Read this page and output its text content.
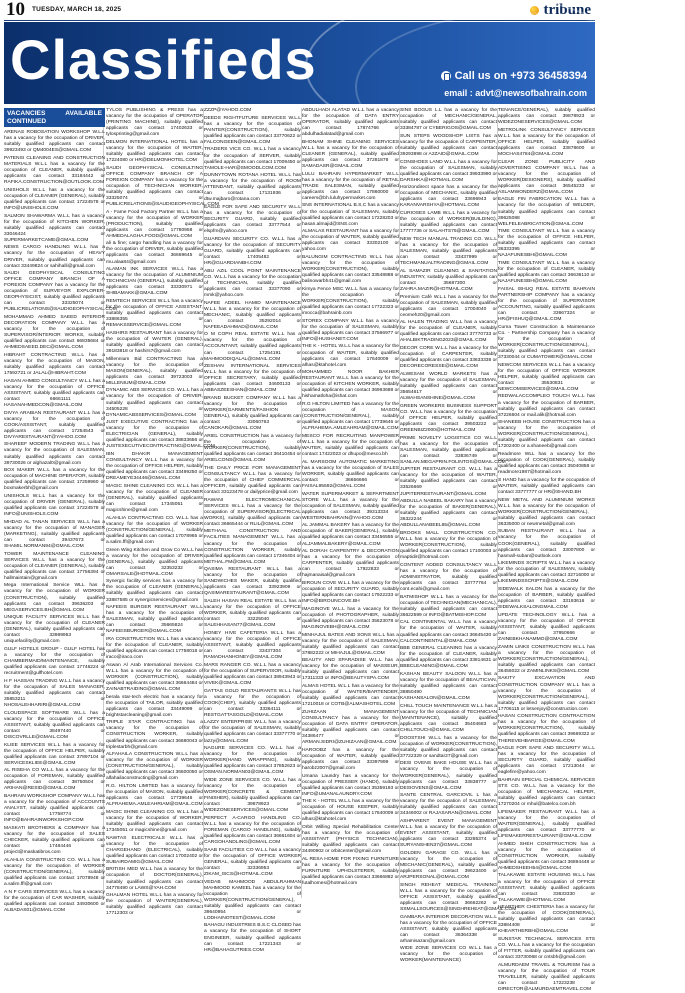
10 TUESDAY, MARCH 18, 2025	tribune
Classifieds	Call us on +973 36458394
email : advt@newsofbahrain.com
VACANCIES AVAILABLE CONTINUED

ARENAS ROBOSATION WORKSHOP W.L.L has a vacancy for the occupation of DRIVER, suitably qualified applicants can contact 39923493 or QM4004ES@GMAIL.COM

PATENSI CLEANING AND CONSTRUCTION MATERIALS W.L.L has a vacancy for the occupation of CLEANER, suitably qualified applicants can contact 33184442 or RAFIKA.CONSTRUCTION@OUTLOOK.COM

UNISHOLS W.L.L has a vacancy for the occupation of CLEANER (GENERAL), suitably qualified applicants can contact 17224578 or INFO@UNISHOLS.COM

SALMON SHAWARMA W.L.L has a vacancy for the occupation of KITCHEN WORKER, suitably qualified applicants can contact 33046424 or SUPERMARKETCAME@GMAIL.COM

NEWS CARGO HANDLING W.L.L has a vacancy for the occupation of HEAVY DRIVER, suitably qualified applicants can contact 33449824 or sahihalli@gmail.com

SAUDI GEOPHYSICAL CONSULTING OFFICE COMPANY BRANCH OF A FOREIGN COMPANY has a vacancy for the occupation of SURVEYOR EXPLORER-GEOPHYSICIST, suitably qualified applicants can contact 33325074 or PUBLICRELATIONS@SAUDIGEOPHYSICAL.COM

MOHAMMAD AHMED SAEED INTERIOR DECORATION COMPANY W.L.L has a vacancy for the occupation of SUPERVISOR/INTERIOR WORKS, suitably qualified applicants can contact 66835684 or AHMEDSAEED.DEC@GMAIL.COM

HIBRAHT CONTRACTING W.L.L has a vacancy for the occupation of MASON, suitably qualified applicants can contact 17592721 or JALAL@HIBRAHT.COM

HASAN AHMED CONSULTANCY W.L.L has a vacancy for the occupation of OFFICE ASSISTANT, suitably qualified applicants can contact 66661111 or HASANAHMEDCON@GMAIL.COM

DIVYA ARABIAN RESTAURANT W.L.L has a vacancy for the occupation of COOK/ASSISTANT, suitably qualified applicants can contact 17254543 or DIVYARESTAURANT@YAHOO.COM

SHAREEF MODERN TRADING W.L.L has a vacancy for the occupation of SALESMAN, suitably qualified applicants can contact 39730026 or alghazal0@gmail.com

BOX MAKER W.L.L has a vacancy for the occupation of MACHINE OPERATOR, suitably qualified applicants can contact 17259960 or boxmakerbh@gmail.com

UNISHOLS W.L.L has a vacancy for the occupation of DRIVER (GENERAL), suitably qualified applicants can contact 17224578 or INFO@UNISHOLS.COM

MHDAD AL TANAN SERVICES W.L.L has a vacancy for the occupation of MANAGER (MARKETING), suitably qualified applicants can contact 39437673 or SHAMIL.NORMAN94@GMAIL.COM

TOWER MAINTENANCE CLEANING SERVICES W.L.L has a vacancy for the occupation of CLEANER (GENERAL), suitably qualified applicants can contact 17756394 or hallmaintain@gmail.com

Mega International Service WLL has a vacancy for the occupation of WORKER (CONSTRUCTION), suitably qualified applicants can contact 39636203 or MEGASERVICES.BH@GMAIL.COM

UNIQUE FACILITY SERVICES W.L.L has a vacancy for the occupation of CLEANER (GENERAL), suitably qualified applicants can contact 33989953 or uniquefacility@gmail.com

GULF HOTELS GROUP - GULF HOTEL has a vacancy for the occupation of CHAMBERMAID/MAINTENANCE, suitably qualified applicants can contact 17746224 or recruitment@gulfhotel.com

H F HASSAN TRADING W.L.L has a vacancy for the occupation of SALES MANAGER, suitably qualified applicants can contact 35853211 or NHOSALEHHARIRI@GMAIL.COM

CLOUDSPACE SOFTWARE W.L.L has a vacancy for the occupation of OFFICE ASSISTANT, suitably qualified applicants can contact 38497440 or DISCOVRLLE@GMAIL.COM

KLIEE SERVICES W.L.L has a vacancy for the occupation of OFFICE HELPER, suitably qualified applicants can contact 37897104 or SERVICESKLIEE@GMAIL.COM

AL RISEHA CO W.L.L has a vacancy for the occupation of FOREMAN, suitably qualified applicants can contact 38750504 or ARIHAN@RESID@GMAIL.COM

BAHRAIN WORKSHOP COMPANY W.L.L has a vacancy for the occupation of ACCOUNTS ANALYST, suitably qualified applicants can contact 17758774 or INFO@BAHRAINWORKSHOP.COM

MASKATI BROTHERS & COMPANY has a vacancy for the occupation of SALES CHECKER, suitably qualified applicants can contact 17484446 or project@maskatibros.com

ALAHLIA CONSTRUCTING CO. W.L.L has a vacancy for the occupation of WORKER (CONSTRUCTION/GENERAL), suitably qualified applicants can contact 17078948 or a.salim.ffl@gmail.com

A N F CARS SERVICES W.L.L has a vacancy for the occupation of CAR WASHER, suitably qualified applicants can contact 34930600 or ALBADAS01@GMAIL.COM

TYLOS PUBLISHING & PRESS has a vacancy for the occupation of OPERATOR (PRINTING MACHINE), suitably qualified applicants can contact 17402633 or tylosprinting@gmail.com

DELMON INTERNATIONAL HOTEL has a vacancy for the occupation of WAITER, suitably qualified applicants can contact 17224080 or HR@DELMONHOTEL.COM

SAUDI GEOPHYSICAL CONSULTING OFFICE COMPANY BRANCH OF A FOREIGN COMPANY has a vacancy for the occupation of TECHNICIAN WORKER, suitably qualified applicants can contact 33325074 or PUBLICRELATIONS@SAUDIGEOPHYSICAL.COM

A - Fame Food Factory Partner W.L.L has a vacancy for the occupation of WORKER (PRODUCTION), suitably qualified applicants can contact 17780958 or AHMEDALAGHA.FOOD@GMAIL.COM

ali & fine; cargo handling has a vacancy for the occupation of DRIVER, suitably qualified applicants can contact 36669645 or mu.alaa84@gmail.com

ALAMAN INK SERVICES W.L.L has a vacancy for the occupation of ALUMINIUM TECHNICIAN (GENERAL), suitably qualified applicants can contact 33330971 or SHIBAMAKK@GMAIL.COM

REMTECH SERVICES W.L.L has a vacancy for the occupation of OFFICE ASSISTANT, suitably qualified applicants can contact 33886355 or REMAKSSERVICE@GMAIL.COM

HASHIRS RESTAURANT has a vacancy for the occupation of WAITER (GENERAL), suitably qualified applicants can contact 39183818 or hashirs7@gmail.com

Millennium Bid CONTRACTING has a vacancy for the occupation of MASON(GENERAL), suitably qualified applicants can contact 39723003 or MILLENIUM@GMAIL.COM

DYNAMIC ABS SERVICES CO. W.L.L has a vacancy for the occupation of DRIVER, suitably qualified applicants can contact 34505228 or DYNAMICABSSERVICES@GMAIL.COM

JUST EXECUTIVE CONTRACTING has a vacancy for the occupation of ELECTRICIAN (GENERAL), suitably qualified applicants can contact 38833656 or JUSTEXECUTIVECONTRACTING@GMAIL.COM

IBN DHAKIR MANAGEMENT CONSULTANCY W.L.L has a vacancy for the occupation of OFFICE HELPER, suitably qualified applicants can contact 33499250 or DREAMEYE34446@GMAIL.COM

MAGIC SHINE CLEANING CO. W.L.L has a vacancy for the occupation of CLEANER (GENERAL), suitably qualified applicants can contact 17345051 or magicshine@gmail.com

ALAHLIA CONTRACTING CO. W.L.L has a vacancy for the occupation of WORKER (CONSTRUCTION/GENERAL), suitably qualified applicants can contact 17078965 or a.salim.ffl@gmail.com

Green Wing Kitchen and Grow Co W.L.L has a vacancy for the occupation of DRIVER (GENERAL), suitably qualified applicants can contact 32353232 or OMARSALE@HOTMAIL.COM

Synergic facility services has a vacancy for the occupation of CLEANER (GENERAL), suitably qualified applicants can contact 33887585 or synergicservices@gmail.com

NAFEEIS BURGER RESTAURANT W.L.L has a vacancy for the occupation of SALESMAN, suitably qualified applicants can contact 35665824 or NAFEEISBURGER@GMAIL.COM

IRA CONSTRUCTION W.L.L has a vacancy for the occupation of CLEANER, suitably qualified applicants can contact 17758018 or iraco@iraco.com

Aswan Al Arab International Services Co. W.L.L has a vacancy for the occupation of WORKER (CONSTRUCTION), suitably qualified applicants can contact 36664484 or ZAINABTRAIDING@GMAIL.COM

berala star-tech electric has a vacancy for the occupation of TAILOR, suitably qualified applicants can contact 33449099 or brightstarcleaning@gmail.com

TRIPLE STAR CONTRACTING has a vacancy for the occupation of CONSTRUCTION WORKER, suitably qualified applicants can contact 36680043 or triplestarbh@gmail.com

ALFAHAILA CONSTRUCTION W.L.L has a vacancy for the occupation of WORKER (CONSTRUCTION/GENERAL), suitably qualified applicants can contact 36600050 or alfahailaconstructing@gmail.com

R.G. HILTON LIMITED has a vacancy for the occupation of MASON, suitably qualified applicants can contact 17739646 or ALFRAHEMA.AMLEAHRIAM@GMAIL.COM

MAGIC SHINE CLEANING CO. W.L.L has a vacancy for the occupation of WORKER, suitably qualified applicants can contact 17345051 or magicshine@gmail.com

NAWTAS ELECTRICALS W.L.L has a vacancy for the occupation of CHARGEHAND (ELECTRICAL), suitably qualified applicants can contact 17002402 or SUBAIRDAMIG@GMAIL.COM

BRITISH MED W.L.L has a vacancy for the occupation of DOCTOR(GENERAL), suitably qualified applicants can contact 34778490 or LAWS@YAH.COM

GHALMAN HOTEL W.L.L has a vacancy for the occupation of WAITER(GENERAL), suitably qualified applicants can contact 17712303 or

ZZZP@YAHOO.COM

DEEDS RIGHTFUTURE SERVICES W.L.L has a vacancy for the occupation of PAINTER(CONSTRUCTION), suitably qualified applicants can contact 33770622 or FALCONGEEN@GMAIL.COM

TRADERS VICS CO. W.L.L has a vacancy for the occupation of SERVER, suitably qualified applicants can contact 17009450 or TAMOLE-HAR@SMOODLCOM.COM

DUNNYTOWN ROTANA HOTEL W.L.L has a vacancy for the occupation of ROOM ATTENDANT, suitably qualified applicants can contact 17131936 or dtw.majbaro@rotana.com

EAGLE FOR SAFE AND SECURITY W.L.L has a vacancy for the occupation of SECURITY GUARD, suitably qualified applicants can contact 33777544 or elspfm@yahoo.com

GUARDIAN SECURITY CO. W.L.L has a vacancy for the occupation of SECURITY GUARD, suitably qualified applicants can contact 17405482 or HR@GUARDIANBH.COM

ABU AZIL COOL POINT MAINTENANCE CO. W.L.L has a vacancy for the occupation of TECHNICIAN, suitably qualified applicants can contact 33377090 or mmk@yahoo.com

NAFEE ADEEL HAMID MAINTENANCE W.L.L has a vacancy for the occupation of MECHANIC, suitably qualified applicants can contact 35292014 or NAFEEADAHMAD@GMAIL.COM

O M COPH REAL ESTATE W.L.L has a vacancy for the occupation of ACCOUNTANT, suitably qualified applicants can contact 17254191 or MAHMOODIQALAL@GMAIL.COM

ZESHAN INTERNATIONAL SERVICES W.L.L has a vacancy for the occupation of OFFICE SECRETARY, suitably qualified applicants can contact 34600133 or ABBASZEESHAN@GMAIL.COM

BRAND BUCKET COMPANY W.L.L has a vacancy for the occupation of WORKER(GARMENTS/FASHION GENERAL), suitably qualified applicants can contact 33060763 or CANOKAR@GMAIL.COM

ARIEL CONSTRUCTION has a vacancy for the occupation of WORKER(CONSTRUCTION), suitably qualified applicants can contact 36410454 or ARIELCONS@GMAIL.COM

THE DAILY PRICE FOR MANAGEMENT CONSULTANCY W.L.L has a vacancy for the occupation of CHIEF COMMERCIAL OFFICER, suitably qualified applicants can contact 33123478 or dailyprice@gmail.com

RAWANI ELECTROMECHANICAL SERVICES W.L.L has a vacancy for the occupation of SUPERVISOR(ELECTRICAL WORKS), suitably qualified applicants can contact 36665444 or RLIL@GMAIL.COM

METHAAL CONSTRUCTION AND FACILITIES MANAGEMENT W.L.L has a vacancy for the occupation of CONSTRUCTION WORKER, suitably qualified applicants can contact 17346404 or METHAL.FM@GMAIL.COM

QASIMA RESTAURANT W.L.L has a vacancy for the occupation of SANDWICHES MAKER, suitably qualified applicants can contact 33923909 or QASIMARESTAURANT@GMAIL.COM

SALEH HASAN REAL ESTATE W.L.L has a vacancy for the occupation of OFFICE WORKER, suitably qualified applicants can contact 33225040 or SALEHHASAN77@GMAIL.COM

HONEY HIVE CAFETERIA W.L.L has a vacancy for the occupation of OFFICE ASSISTANT, suitably qualified applicants can contact 33437304 or RAMADHANHONEY@GMAIL.COM

MARS RANGER CO. W.L.L has a vacancy for the occupation of SUPERVISOR, suitably qualified applicants can contact 38943943 or VIVEK@GMAIL.COM

GATTAS GOLD RESTAURANTS W.L.L has a vacancy for the occupation of COOK(CHEF), suitably qualified applicants can contact 33364111 or RESTGATTASGOLD@GMAIL.COM

LAZZY ENTERPRISE W.L.L has a vacancy for the occupation of SALESMAN, suitably qualified applicants can contact 33377770 or lazzy@GMAIL.COM

NAGURE SERVICES CO. W.L.L has a vacancy for the occupation of WORKER(HAND WRAPPING), suitably qualified applicants can contact 37852623 or OSMAN.NORMAN03@GMAIL.COM

WIDE ZONE SERVICES CO. W.L.L has a vacancy for the occupation of WORKER(CONCRETE & CEMENT FINISHER), suitably qualified applicants can contact 39878923 or WIDEZONESERVICES@GMAIL.COM

PERFECT A-CARGO HANDLING CO. W.L.L has a vacancy for the occupation of FOREMAN (CARGO HANDLING), suitably qualified applicants can contact 36661604 or CARGOHANDLING@GMAIL.COM

SAAB FACILITIES CO W.L.L has a vacancy for the occupation of OFFICE WORKER GENERAL, suitably qualified applicants can contact 32336953 or ZIKAM_ISCS@HOTMAIL.COM

VEDAB MAHMOOD ABDULRAHMAN MAHMOOD KAMEEL has a vacancy for the occupation of WORKER(CONSTRUCTION/GENERAL), suitably qualified applicants can contact 39640954 or LODHAINOTEST@GMAIL.COM

BAHAGU INDUSTRIES B.S.C CLOSED has a vacancy for the occupation of SHORT ENGINEER, suitably qualified applicants can contact 17221343 or HR@BAHAGUTRIES.COM

ABDULHADI ALATAD W.L.L has a vacancy for the occupation of DATA ENTRY OPERATOR, suitably qualified applicants can contact 17874766 or abdulhadialatad@gmail.com

BHONAM SHINE CLEANING SERVICES W.L.L has a vacancy for the occupation of CLEANER (GENERAL), suitably qualified applicants can contact 37281878 or SAMADASR@GMAIL.COM

LULU BAHRAIN HYPERMARKET W.L.L has a vacancy for the occupation of RETAIL TRADE SALESMAN, suitably qualified applicants can contact 17860000 or careers@bh.luluhypermarket.com

SNS INTERNATIONAL B.S.C has a vacancy for the occupation of SALESMAN, suitably qualified applicants can contact 17228203 or hasan.almajid@SNS.com

ALMALAS RESTAURANT has a vacancy for the occupation of WAITER, suitably qualified applicants can contact 33302100 or yahoo.com

BALUNGIM CONTRACTING W.L.L has a vacancy for the occupation of WORKER(CONSTRUCTION), suitably qualified applicants can contact 33548888 or balinowarbh41@gmail.com

Kimya Fence MSC W.L.L has a vacancy for the occupation of WORKER(CONSTRUCTION), suitably qualified applicants can contact 17722323 or imocca@bahrainb.com

STOREX COMPANY W.L.L has a vacancy for the occupation of SALESMAN, suitably qualified applicants can contact 37566977 or INFO@HUSHANET.COM

THE K - HOTEL W.L.L has a vacancy for the occupation of WAITER, suitably qualified applicants can contact 17640009 or alhas@ktahotel.com

MOHAMMED NOOR BAKHER RESTAURANT W.L.L has a vacancy for the occupation of KITCHEN WORKER, suitably qualified applicants can contact 36963688 or hishamatloha@ishat.com

R.G HILTON LIMITED has a vacancy for the occupation of MASON (CONSTRUCTION/GENERAL), suitably qualified applicants can contact 17739646 or ALFRAHEMA.AMLEAHRIAM@GMAIL.COM

MESCO FOR RECRUITING MANPOWER W.L.L has a vacancy for the occupation of WAITER, suitably qualified applicants can contact 17422023 or dhupo@mesco.bh

AL MARSOOM AUTOMATIC MARKETING has a vacancy for the occupation of SALES WORKER, suitably qualified applicants can contact 36656666 or FAISAL95592@GMAIL.COM

WATER SUPERMARKET & SEPARTMENT STORE W.L.L has a vacancy for the occupation of SALESMAN, suitably qualified applicants can contact 39313334 or WESTERNBAHRAIN@YAHOO.COM

AL JAMMAL BAKERY has a vacancy for the occupation of BAKER(GENERAL), suitably qualified applicants can contact 33456555 or ALJAMMALBAKERY@GMAIL.COM

AL DORAH CARPENTRY & DECORATION has a vacancy for the occupation of CARPENTER, suitably qualified applicants can contact 17922833 or hajmanaisal@gmail.com

BIROUN COVE W.L.L has a vacancy for the occupation of SECURITY GUARD, suitably qualified applicants can contact 17922233 or INFO@BIROUNCOVE.BH

IMAGINOVE W.L.L has a vacancy for the occupation of PHOTOGRAPHER, suitably qualified applicants can contact 35623078 or IMAGINOVEBH@GMAIL.COM

MINHAJUL BATES AND SONS W.L.L has a vacancy for the occupation of SALESMAN, suitably qualified applicants can contact 37882222 or MIHAJUL@GMAIL.COM

BEAUTY AND SPARADISE W.L.L has a vacancy for the occupation of MASSEUR, suitably qualified applicants can contact 17311333 or INFO@BEAUTYSPA.COM

ALMAS HOTEL W.L.L has a vacancy for the occupation of WAITER/BARTENDER, suitably qualified applicants can contact 17210018 or COTB@ALMASHOTEL.COM

ZUHIZAAN MANAGEMENT CONSULTANCY has a vacancy for the occupation of DATA ENTRY OPERATOR, suitably qualified applicants can contact 34386477 or ARMAN.SIDRI@ZUHIZAAN@GMAIL.COM

HAROOBZ has a vacancy for the occupation of WAITER, suitably qualified applicants can contact 33397999 or harobz2007@gmail.com

Umana Laundry has a vacancy for the occupation of PRESSER (HANDI), suitably qualified applicants can contact 35359193 or INFO@UMANALAUNDRY.COM

THE K - HOTEL W.L.L has a vacancy for the occupation of HOUSE KEEPER, suitably qualified applicants can contact 17640009 or alhas@ktahotel.com

Orbit Willing Special Rehabilitation Center has a vacancy for the occupation of ASSISTANT (PHYSICS TECHNICIAN), suitably qualified applicants can contact 34490902 or orbitcenter@gmail.com

AL RESA HOME FOR FIXING FURNITURE has a vacancy for the occupation of FURNITURE UPHOLSTERER, suitably qualified applicants can contact 33666882 or futalhomes@hotmail.com

SINS BOGUS L.L has a vacancy for the occupation of MECHANIC/GENERAL, suitably qualified applicants can contact 33384787 or CYBERIGOS@GMAIL.COM

SUN STEPS WOODSHOP LISTS has a vacancy for the occupation of CARPENTER, suitably qualified applicants can contact 39293898 or A2ZAID@GMAIL.COM

CONSHOES LAND W.L.L has a vacancy for the occupation of SALESMAN, suitably qualified applicants can contact 39933990 or DARSHKA@HOTMAIL.COM

Horizondirect space has a vacancy for the occupation of MECHANIC, suitably qualified applicants can contact 33696943 or KARANVARSHYA@HOTMAIL.COM

CURIOSES LAMB W.L.L has a vacancy for the occupation of WORKER(BUILDING), suitably qualified applicants can contact 17777736 or SALAHTS75@GMAIL.COM

NEW TECH MANUAL TRADING CO. W.L.L has a vacancy for the occupation of SALESMAN, suitably qualified applicants can contact 33437999 or TECHMANUALTRADING@GMAIL.COM

AL SAMAZIR CLEANING & SANITATION INDUSTRY, suitably qualified applicants can contact 35687300 or ZAHRA.MAZIR@HOTMAIL.COM

Premium Café W.L.L has a vacancy for the occupation of SALESMAN, suitably qualified applicants can contact 17004040 or ceomeh20@gmail.com

AL HALEN TRADING W.L.L has a vacancy for the occupation of CLEANER, suitably qualified applicants can contact 37770733 or AHALBIKTRADING2023@GMAIL.COM

DECOR CORE W.L.L has a vacancy for the occupation of CARPENTER, suitably qualified applicants can contact 33633338 or DECORECORESSE@GMAIL.COM

ALWESAM WORLD MARKETS has a vacancy for the occupation of SALESMAN, suitably qualified applicants can contact 35654617 or ALWAHSANSHINE@GMAIL.COM

GREEN WORKERS BUSINESS SUPPORT CO. W.L.L has a vacancy for the occupation of OFFICE HELPER, suitably qualified applicants can contact 39503222 or GREENBIZ2000@HOTMAIL.COM

PRIME NOVELTY LOGISTICS CO W.L.L has a vacancy for the occupation of SALESMAN, suitably qualified applicants can contact 33836749 or SANLAN.MEGAPRIN.FOLINTOS@GMAIL.COM

JUPITER RESTAURANT CO. W.L.L has a vacancy for the occupation of WAITER, suitably qualified applicants can contact 33526669 or JUPITERRESTAURANT@GMAIL.COM

ABDULLA NABEEL BAKARY has a vacancy for the occupation of BAKER(GENERAL), suitably qualified applicants can contact 36322244 or ABDULLANABEEL65@GMAIL.COM

BROOKS MALL CONSTRUCTION CO. W.L.L has a vacancy for the occupation of WORKER(CONSTRUCTION), suitably qualified applicants can contact 17100003 or maptidir@hotmail.com

CONTENT ADDED CONSULTANCY W.L.L has a vacancy for the occupation of ADMINISTRATOR, suitably qualified applicants can contact 33777764 or cont.ecahi@gmail.com

BATMISHOP W.L.L has a vacancy for the occupation of TECHNICIAN(MECHANICAL), suitably qualified applicants can contact 36622599 or INFO@BATMISHOP.COM

CAL CONTINENTAL W.L.L has a vacancy for the occupation of WAITER, suitably qualified applicants can contact 36645430 or CALCONTINENTAL@GMAIL.COM

BBB GENERAL CLEANING has a vacancy for the occupation of CLEANER, suitably qualified applicants can contact 33814631 or BBBCLEANING@GMAIL.COM

KASHAN BEAUTY SALOON W.L.L has a vacancy for the occupation of BEAUTICIAN, suitably qualified applicants can contact 38850490 or KASHANSALON@GMAIL.COM

CHILL TOUCH MAINTENANCE W.L.L has a vacancy for the occupation of TECHNICIAN (MAINTENANCE), suitably qualified applicants can contact 35404683 or CHILLTOUCH@GMAIL.COM

DOOSTSHI W.L.L has a vacancy for the occupation of WORKER(CONSTRUCTION), suitably qualified applicants can contact 37722329 or sandtar27@gmail.com

DESI OVENS BAKE HOUSE W.L.L has a vacancy for the occupation of WORKER(GENERAL), suitably qualified applicants can contact 33838777 or DESIOVENS@GMAIL.COM

SANTE CENTRAL GARCIOVIL L has a vacancy for the occupation of SALESMAN, suitably qualified applicants can contact 34346002 or RAJASARAN@GMAIL.COM

ASHPARENT EVENT MANAGEMENT W.L.L has a vacancy for the occupation of EVENT ASSISTANT, suitably qualified applicants can contact 33285374 or SURYANSHEN37@GMAIL.COM

GOLDEN GARAGE CO. W.L.L has a vacancy for the occupation of MECHANIC(GENERAL), suitably qualified applicants can contact 39623400 or ARJPERSONAL@GMAIL.COM

SINGH REHEAT MEDICAL TRAINING W.L.L has a vacancy for the occupation of OFFICE ASSISTANT, suitably qualified applicants can contact 36662262 or SSMALLSOURCES@SINGHREHEAT@GMAIL.COM

GAMBARA INTERIOR DECORATION W.L.L has a vacancy for the occupation of OFFICE ASSISTANT, suitably qualified applicants can contact 36364338 or arhamisazan@gmail.com

WIDE ZONE SERVICES CO W.L.L has a vacancy for the occupation of WORKER(MAINTENANCE)

TENANCE/GENERAL), suitably qualified applicants can contact 39878923 or WIDEZONESERVICES@GMAIL.COM

METROLINK CONSULTANCY SERVICES W.L.L has a vacancy for the occupation of OFFICE HELPER, suitably qualified applicants can contact 33878600 or MOCHAS4784@GMAIL.COM

CLEAR ZONE PUBLICITY AND ADVERTISING COMPANY W.L.L has a vacancy for the occupation of WORKER(DESIGNERS), suitably qualified applicants can contact 36545233 or ASLAMWONDERZ@GMAIL.COM

EAGLE FIN FABRICATION W.L.L has a vacancy for the occupation of WELDER, suitably qualified applicants can contact 39625088 or WELFELEABRICATION@GMAIL.COM

TIME CONSULTANT W.L.L has a vacancy for the occupation of OFFICE HELPER, suitably qualified applicants can contact 36333395 or NAJAFUNESBH@GMAIL.COM

TIME CONSULTANT W.L.L has a vacancy for the occupation of CLEANER, suitably qualified applicants can contact 36636110 or NAJAFUNESBH@GMAIL.COM

FAISAL ISHUQ REAL ESTATE BAHRAIN PARTNERSHIP COMPANY has a vacancy for the occupation of SUPERVISOR ACCOUNTING, suitably qualified applicants can contact 33667324 or HR@FISHUQ@GMAIL.COM

Cuma Tower Construction & Maintenance Co. - Partnership Company has a vacancy for the occupation of WORKER(CONSTRUCTION/GENERAL), suitably qualified applicants can contact 37330044 or CUMATOWER@GMAIL.COM

NEWCOM SERVICES W.L.L has a vacancy for the occupation of OFFICE WORKER HELPER, suitably qualified applicants can contact 35530831 or NEWCOMSERVICES@GMAIL.COM

REDWALACCOMPLEO TOUCH W.L.L has a vacancy for the occupation of BARBER, suitably qualified applicants can contact 37226604 or mail.alik@hotmail.com

SHANEEB HOUSE CONSTRUCTION has a vacancy for the occupation of WORKER(CONSTRUCTION/GENERAL), suitably qualified applicants can contact 17202400 or a.shaneeb@gmail.com

Readmore WLL has a vacancy for the occupation of COOK(GENERAL), suitably qualified applicants can contact 35040858 or readmore1987@hotmail.com

S HAND has a vacancy for the occupation of WAITER, suitably qualified applicants can contact 33777777 or HR@SHAND.BH

NEW METAL AND ALUMINIUM WORKS W.L.L has a vacancy for the occupation of WORKER(CONSTRUCTION/GENERAL), suitably qualified applicants can contact 36335000 or newmetal@gmail.com

SUBAN RESTAURANT W.L.L has a vacancy for the occupation of COOK(GENERAL), suitably qualified applicants can contact 33007800 or hasmall-suban@outlook.com

LIKEMINDS SCRIPTS W.L.L has a vacancy for the occupation of SALESMAN, suitably qualified applicants can contact 32716000 or LIKEMINDSSCRIPTS@GMAIL.COM

SIDEWALK SALON has a vacancy for the occupation of BARBER, suitably qualified applicants can contact 33193616 or SIDEWALKSALONGMAIL.COM

UPDATE TECHNOLOGY W.L.L has a vacancy for the occupation of OFFICE ASSISTANT, suitably qualified applicants can contact 37950666 or ZAINEBKHANAMMO@GMAIL.COM

ZAMIN LINKS CONSTRUCTION W.L.L has a vacancy for the occupation of WORKER(CONSTRUCTION/GENERAL), suitably qualified applicants can contact 36456022 or ZAMINLINKS@GMAIL.COM

SAKITY EXCAVATION AND CONSTRUCTION COMPANY W.L.L has a vacancy for the occupation of WORKER(CONSTRUCTION/GENERAL), suitably qualified applicants can contact 17706115 or letsenjoy@construction.com

HASAN CONSTRUCTION CONTRACTION has a vacancy for the occupation of WORKER(CONSTRUCTION), suitably qualified applicants can contact 39669322 or THEREVEHBARGE@GMAIL.COM

EAGLE FOR SAFE AND SECURITY W.L.L has a vacancy for the occupation of SECURITY GUARD, suitably qualified applicants can contact 17213044 or eaglefire@yahoo.com

BAHRAIN SPECIAL CHEMICAL SERVICES STS CO. W.L.L has a vacancy for the occupation of MECHANICAL HELPER, suitably qualified applicants can contact 17270204 or mhul@batelco.com.bh

LIFEMAKER RESTAURANT W.L.L has a vacancy for the occupation of WAITER(GENERAL), suitably qualified applicants can contact 33777770 or LIFEMAKERRESTAURANT@GMAIL.COM

AHMED SHEH CONSTRUCTION has a vacancy for the occupation of CONSTRUCTION WORKER, suitably qualified applicants can contact 36894448 or AHMEDSHEEH54@GMAIL.COM

TALAKAWIE ESTATE HOUSING W.L.L has a vacancy for the occupation of OFFICE ASSISTANT, suitably qualified applicants can contact 33633330 or TALAKAWIE@HOTMAIL.COM

HEARTHER CHESTERIA has a vacancy for the occupation of COOK(GENERAL), suitably qualified applicants can contact 33884408 or KHEARTHERBH@GMAIL.COM

SUNSTAR TECHNICAL SERVICES STS CO. W.L.L has a vacancy for the occupation of FITTER, suitably qualified applicants can contact 33730068 or cntsbh@gmail.com

ALMURDAEM TRAVEL & TOURISM has a vacancy for the occupation of TOUR TRAVELLER, suitably qualified applicants can contact 17223238 or DIRECTOR@ALMURDAEMTRAVEL.COM
